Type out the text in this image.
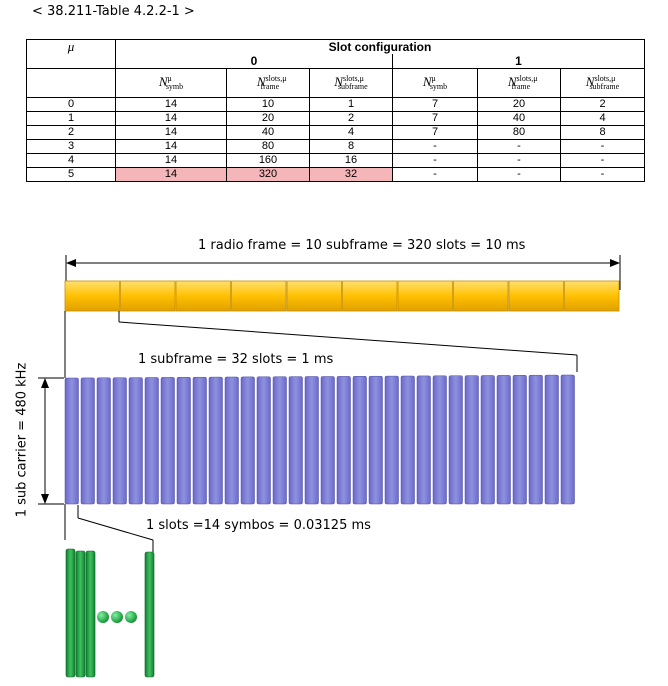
< 38.211-Table 4.2.2-1 >
μ	Slot configuration					
	0			1		
	$N^\mu_{symb}$	$N^{slots,\mu}_{frame}$	$N^{slots,\mu}_{subframe}$	$N^\mu_{symb}$	$N^{slots,\mu}_{frame}$	$N^{slots,\mu}_{subframe}$
0	14	10	1	7	20	2
1	14	20	2	7	40	4
2	14	40	4	7	80	8
3	14	80	8	-	-	-
4	14	160	16	-	-	-
5	14	320	32	-	-	-
1 radio frame = 10 subframe = 320 slots = 10 ms
1 subframe = 32 slots = 1 ms
1 slots =14 symbos = 0.03125 ms
1 sub carrier = 480 kHz
